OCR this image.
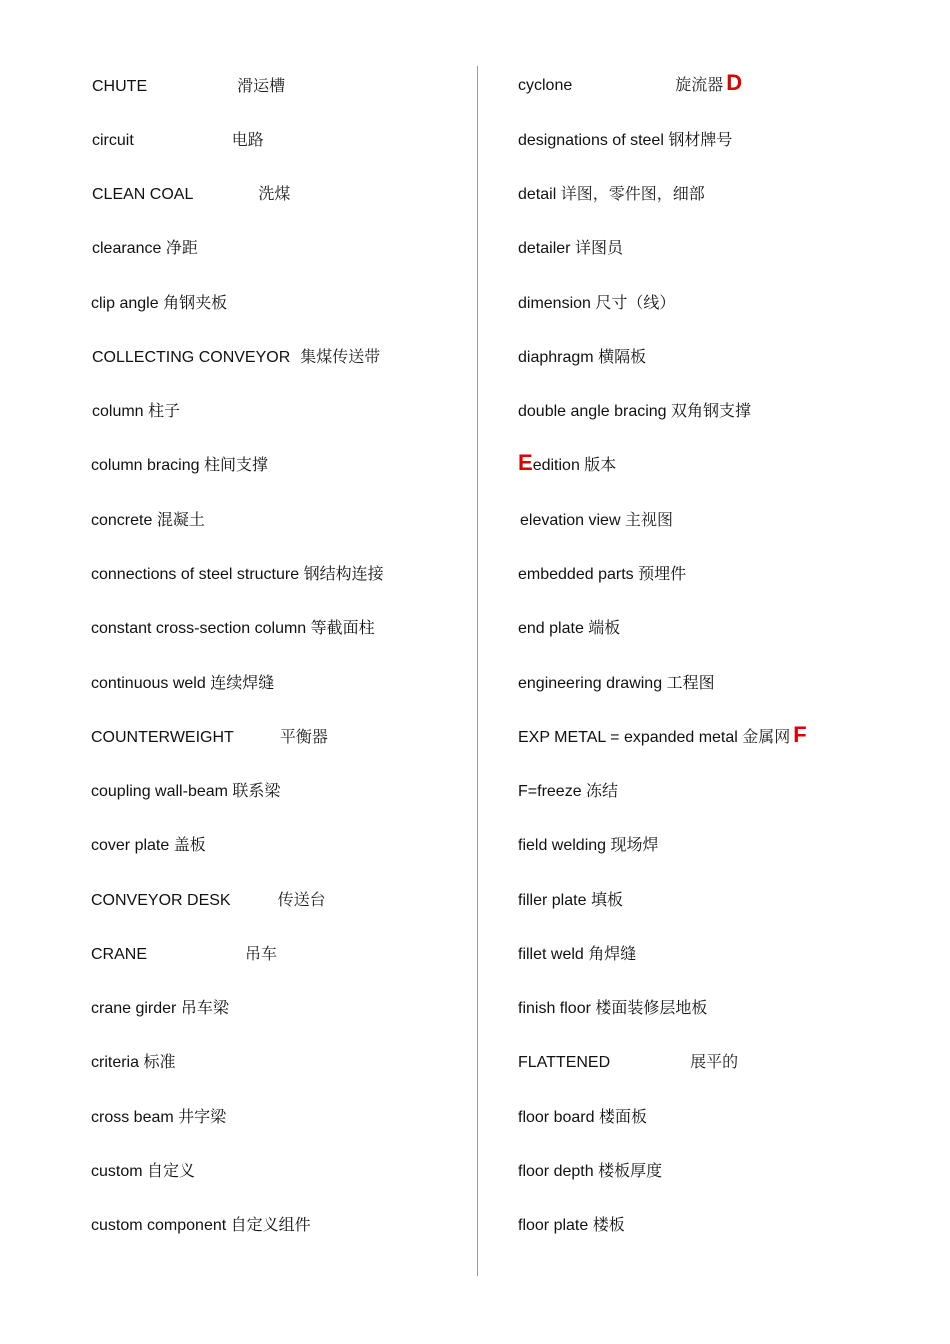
CHUTE	滑运槽
circuit	电路
CLEAN COAL	洗煤
clearance 净距
clip angle 角钢夹板
COLLECTING CONVEYOR 集煤传送带
column 柱子
column bracing 柱间支撑
concrete 混凝土
connections of steel structure 钢结构连接
constant cross-section column 等截面柱
continuous weld 连续焊缝
COUNTERWEIGHT	平衡器
coupling wall-beam 联系梁
cover plate 盖板
CONVEYOR DESK	传送台
CRANE	吊车
crane girder 吊车梁
criteria 标准
cross beam 井字梁
custom 自定义
custom component 自定义组件
cyclone	旋流器 D
designations of steel 钢材牌号
detail 详图，零件图，细部
detailer 详图员
dimension 尺寸（线）
diaphragm 横隔板
double angle bracing 双角钢支撑
Eedition 版本
elevation view 主视图
embedded parts 预埋件
end plate 端板
engineering drawing 工程图
EXP METAL = expanded metal 金属网 F
F=freeze 冻结
field welding 现场焊
filler plate 填板
fillet weld 角焊缝
finish floor 楼面装修层地板
FLATTENED	展平的
floor board 楼面板
floor depth 楼板厚度
floor plate 楼板
